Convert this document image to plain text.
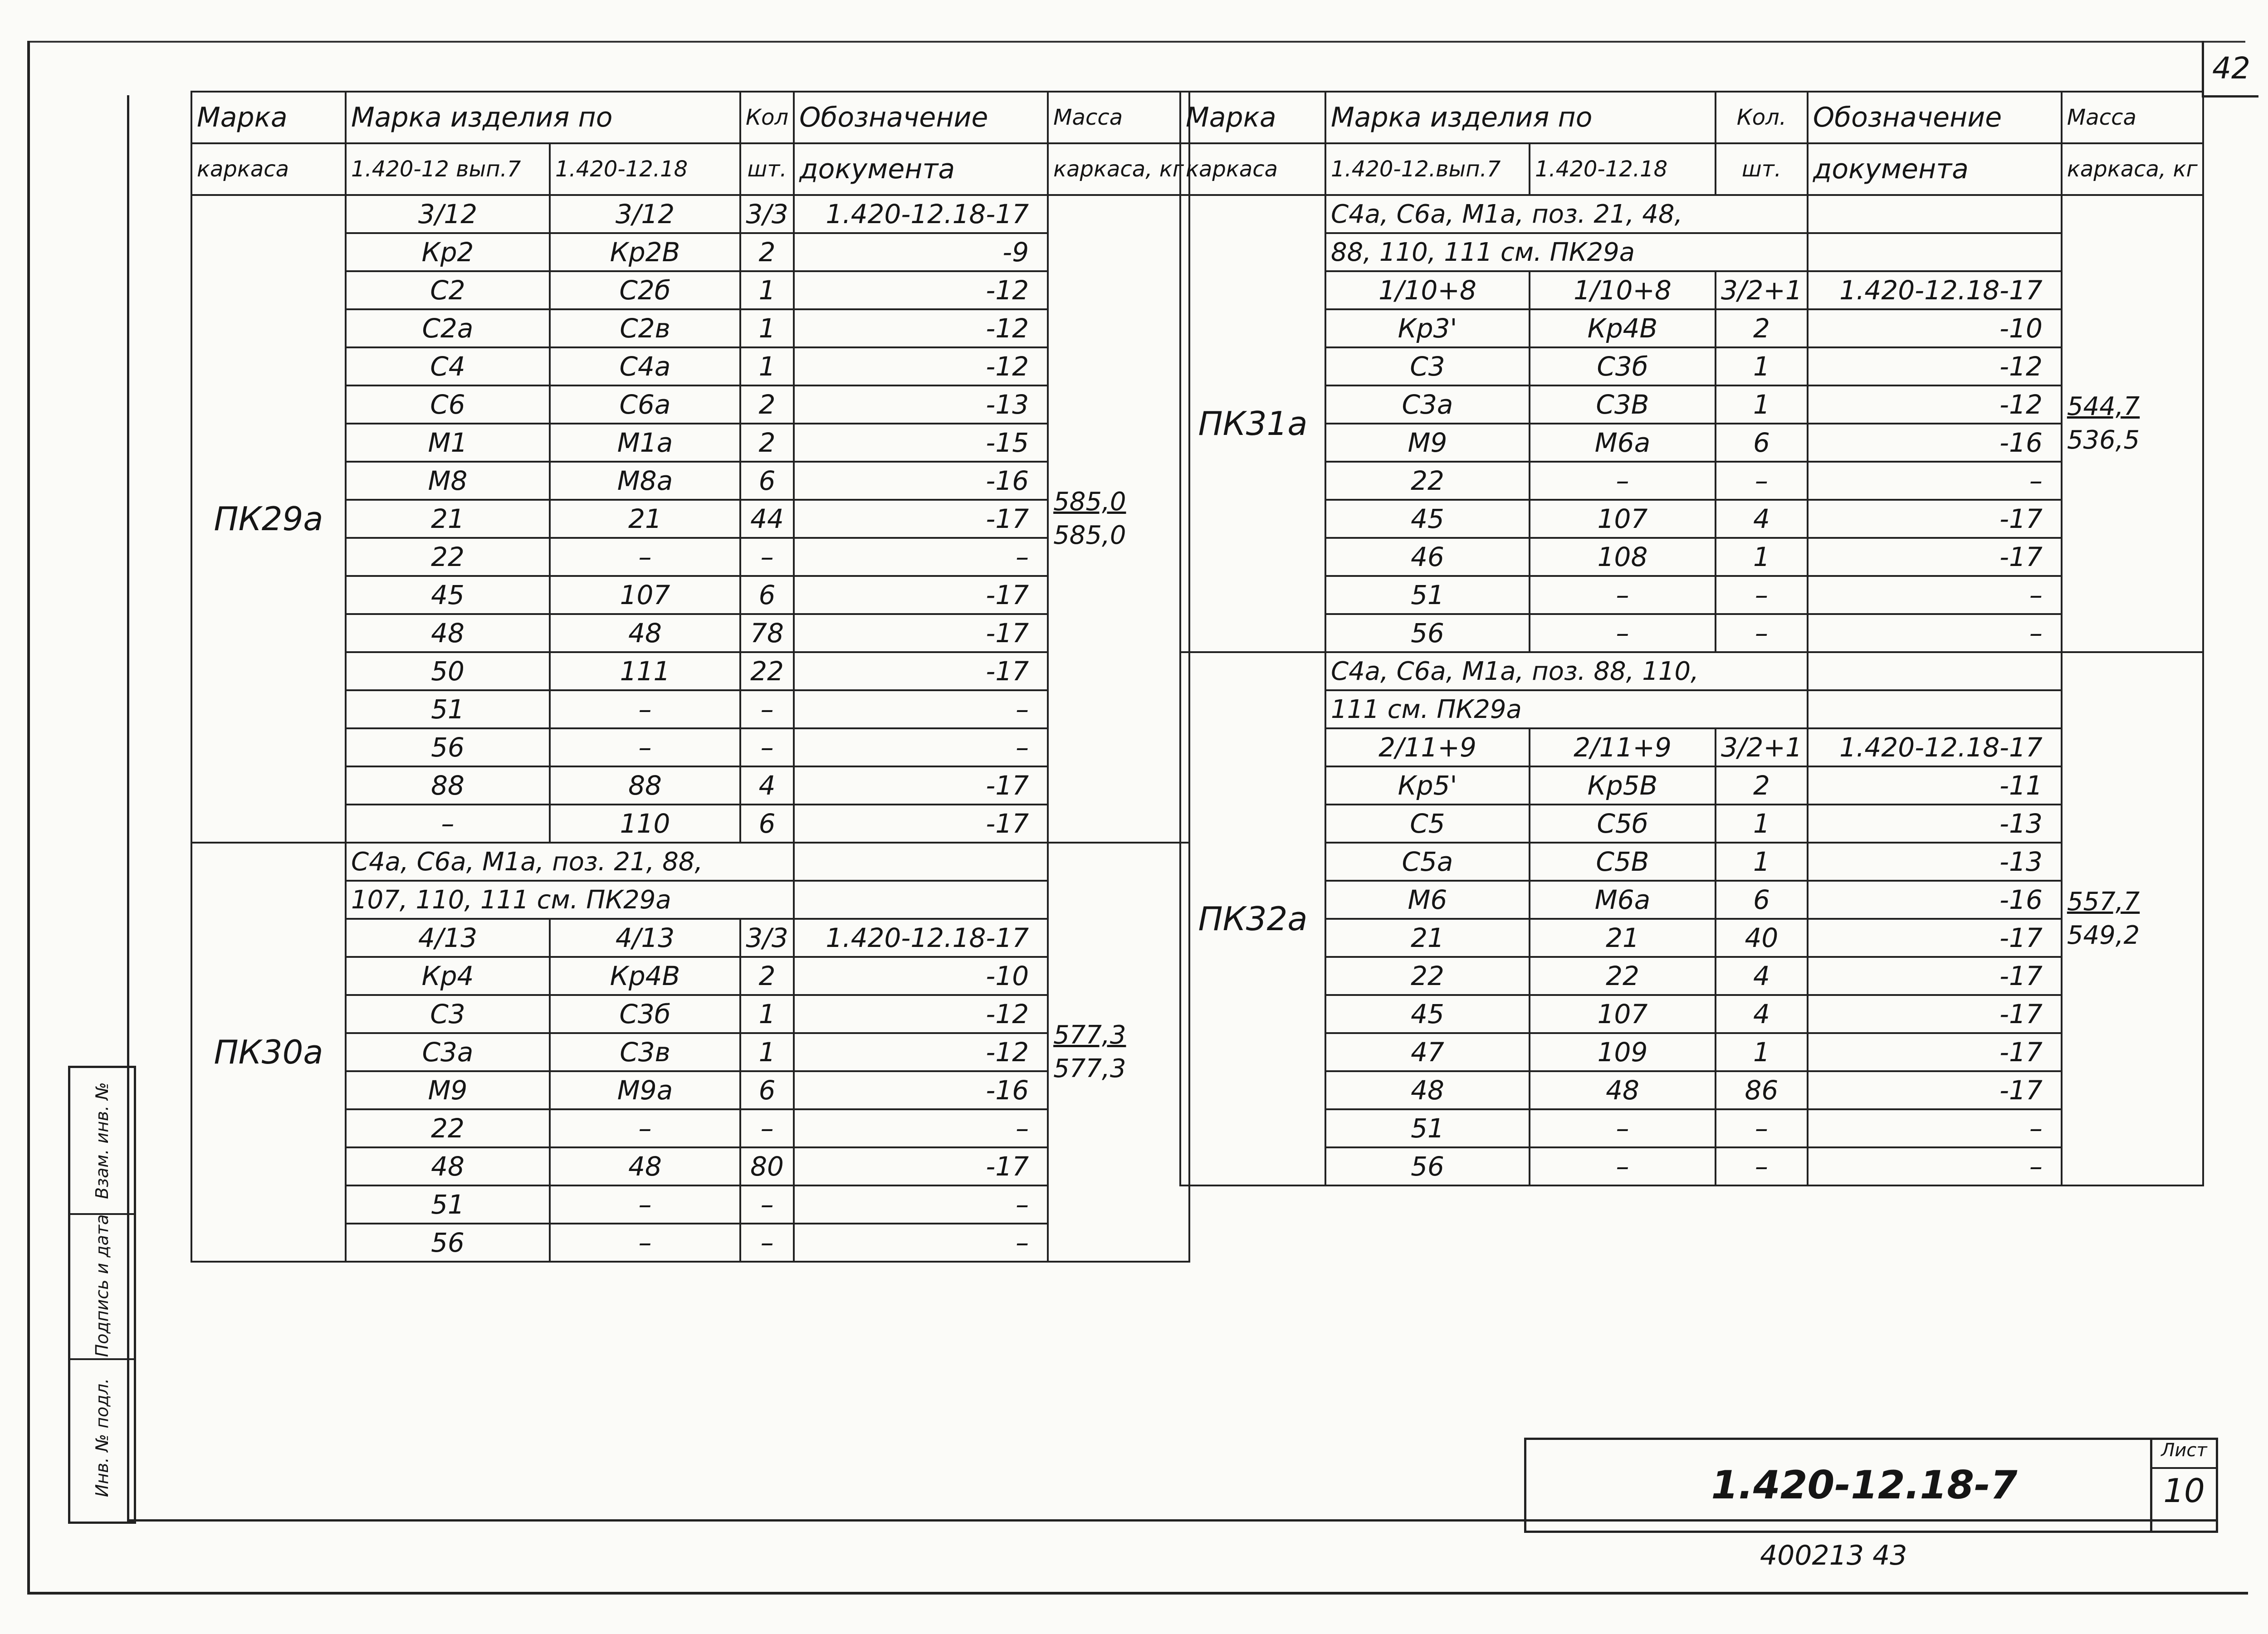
42
Взам. инв. №
Подпись и дата
Инв. № подл.
Марка	Марка изделия по		Кол	Обозначение	Масса
каркаса	1.420-12 вып.7	1.420-12.18	шт.	документа	каркаса, кг
ПК29а	3/12	3/12	3/3	1.420-12.18-17	585,0
585,0

	Кр2	Кр2В	2	-9	
	С2	С2б	1	-12	
	С2а	С2в	1	-12	
	С4	С4а	1	-12	
	С6	С6а	2	-13	
	М1	М1а	2	-15	
	М8	М8а	6	-16	
	21	21	44	-17	
	22	–	–	–	
	45	107	6	-17	
	48	48	78	-17	
	50	111	22	-17	
	51	–	–	–	
	56	–	–	–	
	88	88	4	-17	
	–	110	6	-17	
ПК30а	С4а, С6а, М1а, поз. 21, 88,				577,3
577,3

	107, 110, 111 см. ПК29а				
	4/13	4/13	3/3	1.420-12.18-17	
	Кр4	Кр4В	2	-10	
	С3	С3б	1	-12	
	С3а	С3в	1	-12	
	М9	М9а	6	-16	
	22	–	–	–	
	48	48	80	-17	
	51	–	–	–	
	56	–	–	–	
Марка	Марка изделия по		Кол.	Обозначение	Масса
каркаса	1.420-12.вып.7	1.420-12.18	шт.	документа	каркаса, кг
ПК31а	С4а, С6а, М1а, поз. 21, 48,				544,7
536,5

	88, 110, 111 см. ПК29а				
	1/10+8	1/10+8	3/2+1	1.420-12.18-17	
	Кр3'	Кр4В	2	-10	
	С3	С3б	1	-12	
	С3а	С3В	1	-12	
	М9	М6а	6	-16	
	22	–	–	–	
	45	107	4	-17	
	46	108	1	-17	
	51	–	–	–	
	56	–	–	–	
ПК32а	С4а, С6а, М1а, поз. 88, 110,				557,7
549,2

	111 см. ПК29а				
	2/11+9	2/11+9	3/2+1	1.420-12.18-17	
	Кр5'	Кр5В	2	-11	
	С5	С5б	1	-13	
	С5а	С5В	1	-13	
	М6	М6а	6	-16	
	21	21	40	-17	
	22	22	4	-17	
	45	107	4	-17	
	47	109	1	-17	
	48	48	86	-17	
	51	–	–	–	
	56	–	–	–	
1.420-12.18-7
Лист
10
400213 43
